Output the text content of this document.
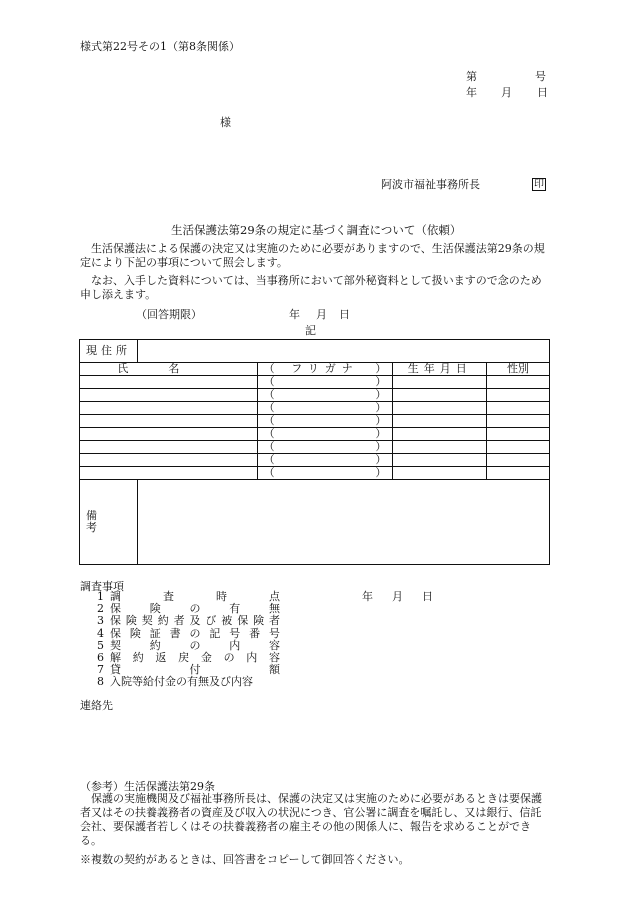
様式第22号その1（第8条関係）
第	号
年 月 日
様
阿波市福祉事務所長	印
生活保護法第29条の規定に基づく調査について（依頼）
生活保護法による保護の決定又は実施のために必要がありますので、生活保護法第29条の規定により下記の事項について照会します。
なお、入手した資料については、当事務所において部外秘資料として扱いますので念のため申し添えます。
（回答期限）	年 月 日
記
現住所				
氏名		（ フリガナ ）	生年月日	性別

		（ ）		

		（ ）		

		（ ）		

		（ ）		

		（ ）		

		（ ）		

		（ ）		

		（ ）		

備考				
調査事項
1 調査時点	年　月　日
2 保険の有無
3 保険契約者及び被保険者
4 保険証書の記号番号
5 契約の内容
6 解約返戻金の内容
7 貸付額
8 入院等給付金の有無及び内容
連絡先
（参考）生活保護法第29条
保護の実施機関及び福祉事務所長は、保護の決定又は実施のために必要があるときは要保護者又はその扶養義務者の資産及び収入の状況につき、官公署に調査を嘱託し、又は銀行、信託会社、要保護者若しくはその扶養義務者の雇主その他の関係人に、報告を求めることができる。
※複数の契約があるときは、回答書をコピーして御回答ください。
